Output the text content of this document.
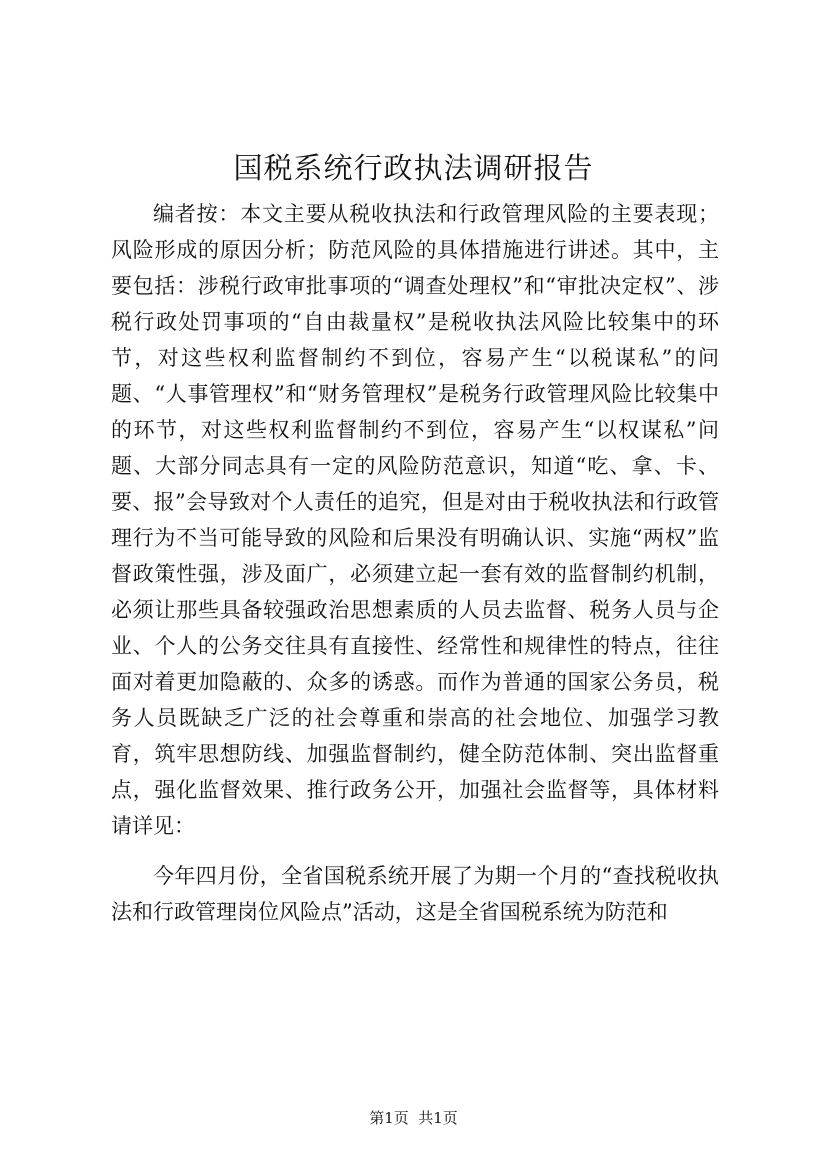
国税系统行政执法调研报告

编者按：本文主要从税收执法和行政管理风险的主要表现；风险形成的原因分析；防范风险的具体措施进行讲述。其中，主要包括：涉税行政审批事项的“调查处理权”和“审批决定权”、涉税行政处罚事项的“自由裁量权”是税收执法风险比较集中的环节，对这些权利监督制约不到位，容易产生“以税谋私”的问题、“人事管理权”和“财务管理权”是税务行政管理风险比较集中的环节，对这些权利监督制约不到位，容易产生“以权谋私”问题、大部分同志具有一定的风险防范意识，知道“吃、拿、卡、要、报”会导致对个人责任的追究，但是对由于税收执法和行政管理行为不当可能导致的风险和后果没有明确认识、实施“两权”监督政策性强，涉及面广，必须建立起一套有效的监督制约机制，必须让那些具备较强政治思想素质的人员去监督、税务人员与企业、个人的公务交往具有直接性、经常性和规律性的特点，往往面对着更加隐蔽的、众多的诱惑。而作为普通的国家公务员，税务人员既缺乏广泛的社会尊重和崇高的社会地位、加强学习教育，筑牢思想防线、加强监督制约，健全防范体制、突出监督重点，强化监督效果、推行政务公开，加强社会监督等，具体材料请详见：

今年四月份，全省国税系统开展了为期一个月的“查找税收执法和行政管理岗位风险点”活动，这是全省国税系统为防范和

第1页  共1页
